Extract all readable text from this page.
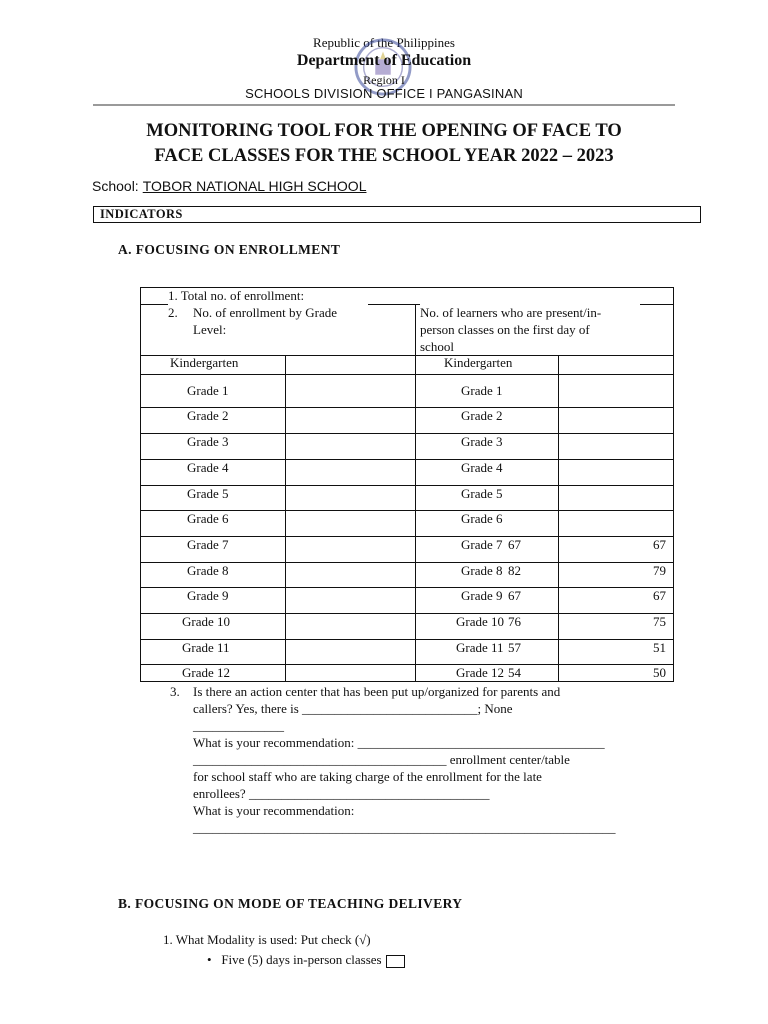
Republic of the Philippines
Department of Education
Region I
SCHOOLS DIVISION OFFICE I PANGASINAN
MONITORING TOOL FOR THE OPENING OF FACE TO
FACE CLASSES FOR THE SCHOOL YEAR 2022 – 2023
School: TOBOR NATIONAL HIGH SCHOOL
INDICATORS
A. FOCUSING ON ENROLLMENT
1. Total no. of enrollment:
2. No. of enrollment by Grade
Level:
No. of learners who are present/in-
person classes on the first day of
school
Kindergarten	Kindergarten
Grade 1	Grade 1
Grade 2	Grade 2
Grade 3	Grade 3
Grade 4	Grade 4
Grade 5	Grade 5
Grade 6	Grade 6
Grade 7	Grade 7 67	67
Grade 8	Grade 8 82	79
Grade 9	Grade 9 67	67
Grade 10	Grade 10 76	75
Grade 11	Grade 11 57	51
Grade 12	Grade 12 54	50
3. Is there an action center that has been put up/organized for parents and
callers? Yes, there is ___________________________; None
______________
What is your recommendation: ______________________________________
_______________________________________ enrollment center/table
for school staff who are taking charge of the enrollment for the late
enrollees? _____________________________________
What is your recommendation:
_________________________________________________________________
B. FOCUSING ON MODE OF TEACHING DELIVERY
1. What Modality is used: Put check (√)
• Five (5) days in-person classes
